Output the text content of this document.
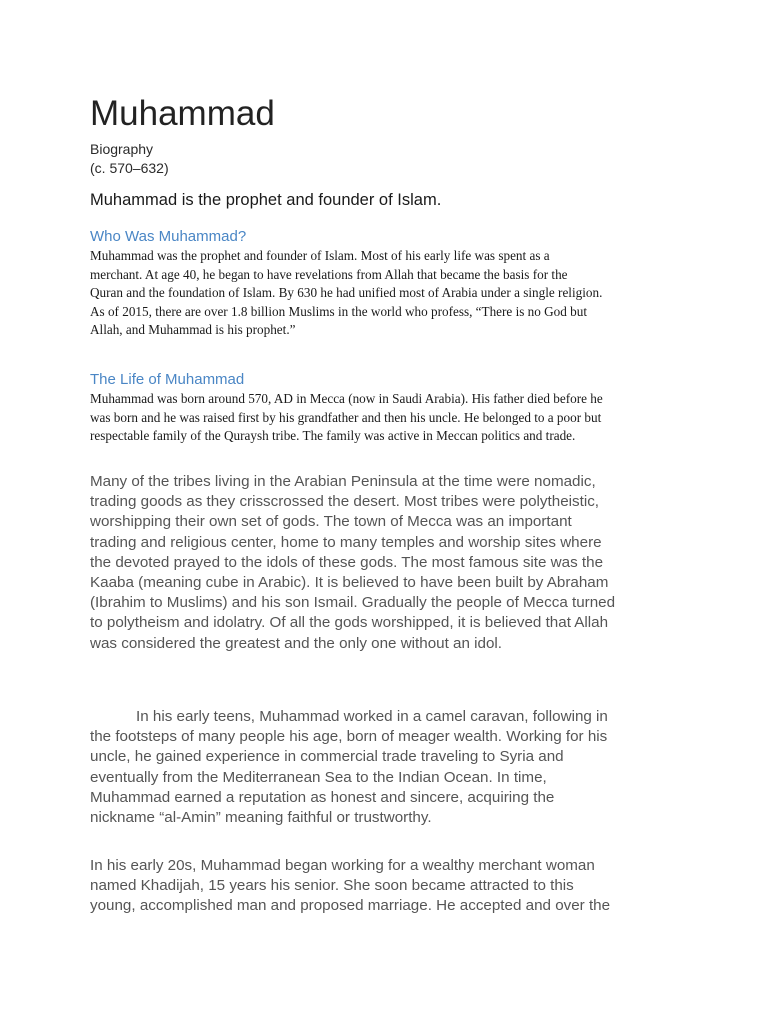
Muhammad
Biography
(c. 570–632)
Muhammad is the prophet and founder of Islam.
Who Was Muhammad?
Muhammad was the prophet and founder of Islam. Most of his early life was spent as a
merchant. At age 40, he began to have revelations from Allah that became the basis for the
Quran and the foundation of Islam. By 630 he had unified most of Arabia under a single religion.
As of 2015, there are over 1.8 billion Muslims in the world who profess, “There is no God but
Allah, and Muhammad is his prophet.”
The Life of Muhammad
Muhammad was born around 570, AD in Mecca (now in Saudi Arabia). His father died before he
was born and he was raised first by his grandfather and then his uncle. He belonged to a poor but
respectable family of the Quraysh tribe. The family was active in Meccan politics and trade.
Many of the tribes living in the Arabian Peninsula at the time were nomadic,
trading goods as they crisscrossed the desert. Most tribes were polytheistic,
worshipping their own set of gods. The town of Mecca was an important
trading and religious center, home to many temples and worship sites where
the devoted prayed to the idols of these gods. The most famous site was the
Kaaba (meaning cube in Arabic). It is believed to have been built by Abraham
(Ibrahim to Muslims) and his son Ismail. Gradually the people of Mecca turned
to polytheism and idolatry. Of all the gods worshipped, it is believed that Allah
was considered the greatest and the only one without an idol.
In his early teens, Muhammad worked in a camel caravan, following in
the footsteps of many people his age, born of meager wealth. Working for his
uncle, he gained experience in commercial trade traveling to Syria and
eventually from the Mediterranean Sea to the Indian Ocean. In time,
Muhammad earned a reputation as honest and sincere, acquiring the
nickname “al-Amin” meaning faithful or trustworthy.
In his early 20s, Muhammad began working for a wealthy merchant woman
named Khadijah, 15 years his senior. She soon became attracted to this
young, accomplished man and proposed marriage. He accepted and over the
